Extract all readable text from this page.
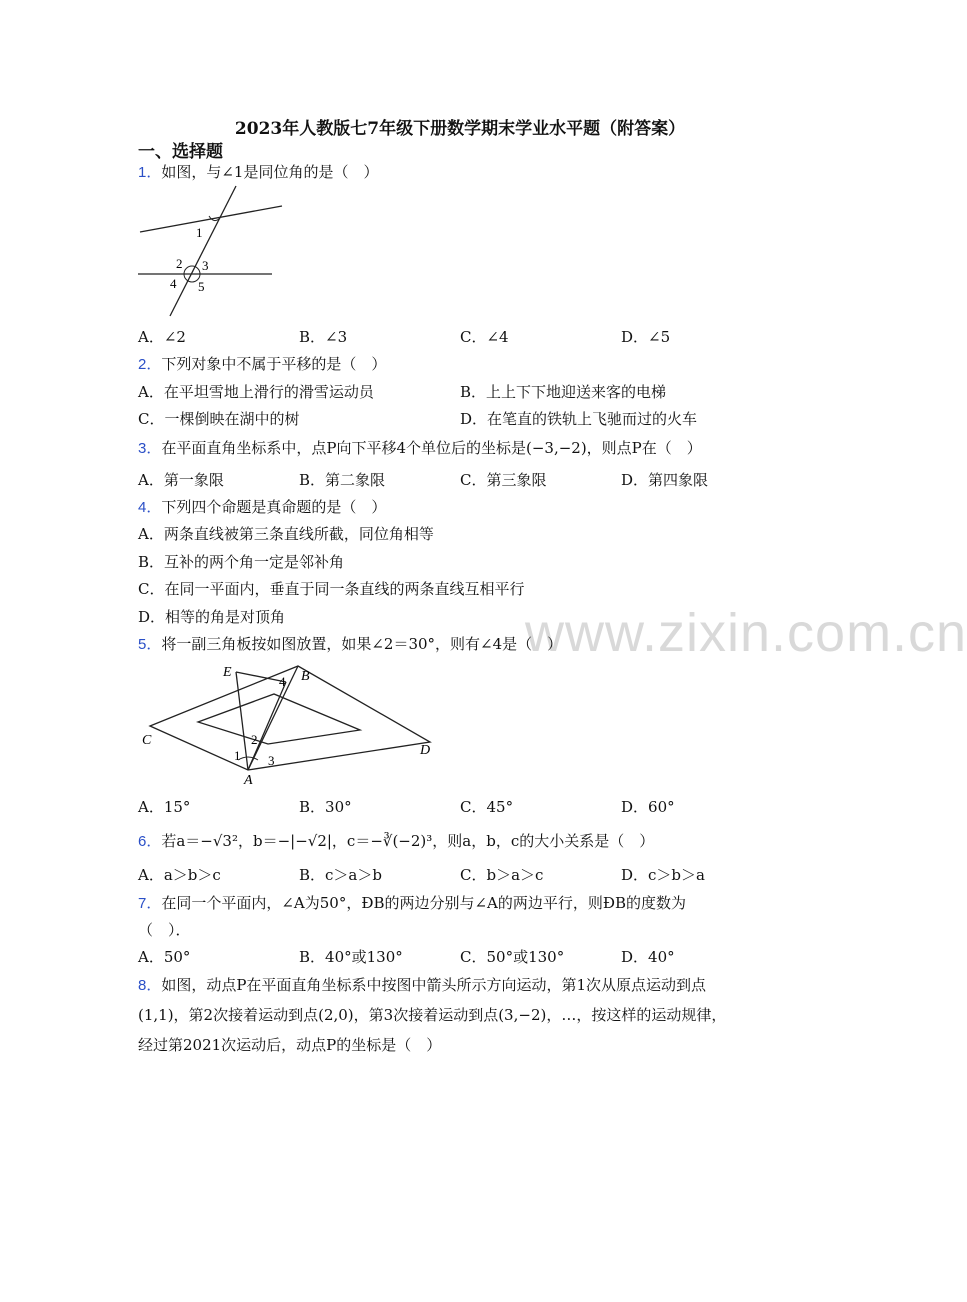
2023年人教版七7年级下册数学期末学业水平题（附答案）
一、选择题
www.zixin.com.cn
1．如图，与∠1是同位角的是（　）
1
2 3
4 5
A．∠2	B．∠3	C．∠4	D．∠5
2．下列对象中不属于平移的是（　）
A．在平坦雪地上滑行的滑雪运动员	B．上上下下地迎送来客的电梯
C．一棵倒映在湖中的树	D．在笔直的铁轨上飞驰而过的火车
3．在平面直角坐标系中，点P向下平移4个单位后的坐标是(−3,−2)，则点P在（　）
A．第一象限	B．第二象限	C．第三象限	D．第四象限
4．下列四个命题是真命题的是（　）
A．两条直线被第三条直线所截，同位角相等
B．互补的两个角一定是邻补角
C．在同一平面内，垂直于同一条直线的两条直线互相平行
D．相等的角是对顶角
5．将一副三角板按如图放置，如果∠2＝30°，则有∠4是（　）
E	B
4
C
1
2
D
A
3
A．15°	B．30°	C．45°	D．60°
6．若a＝−√3²，b＝−|−√2|，c＝−∛(−2)³，则a，b，c的大小关系是（　）
A．a＞b＞c	B．c＞a＞b	C．b＞a＞c	D．c＞b＞a
7．在同一个平面内，∠A为50°，ÐB的两边分别与∠A的两边平行，则ÐB的度数为
（　）．
A．50°	B．40°或130°	C．50°或130°	D．40°
8．如图，动点P在平面直角坐标系中按图中箭头所示方向运动，第1次从原点运动到点
(1,1)，第2次接着运动到点(2,0)，第3次接着运动到点(3,−2)，…，按这样的运动规律，
经过第2021次运动后，动点P的坐标是（　）
